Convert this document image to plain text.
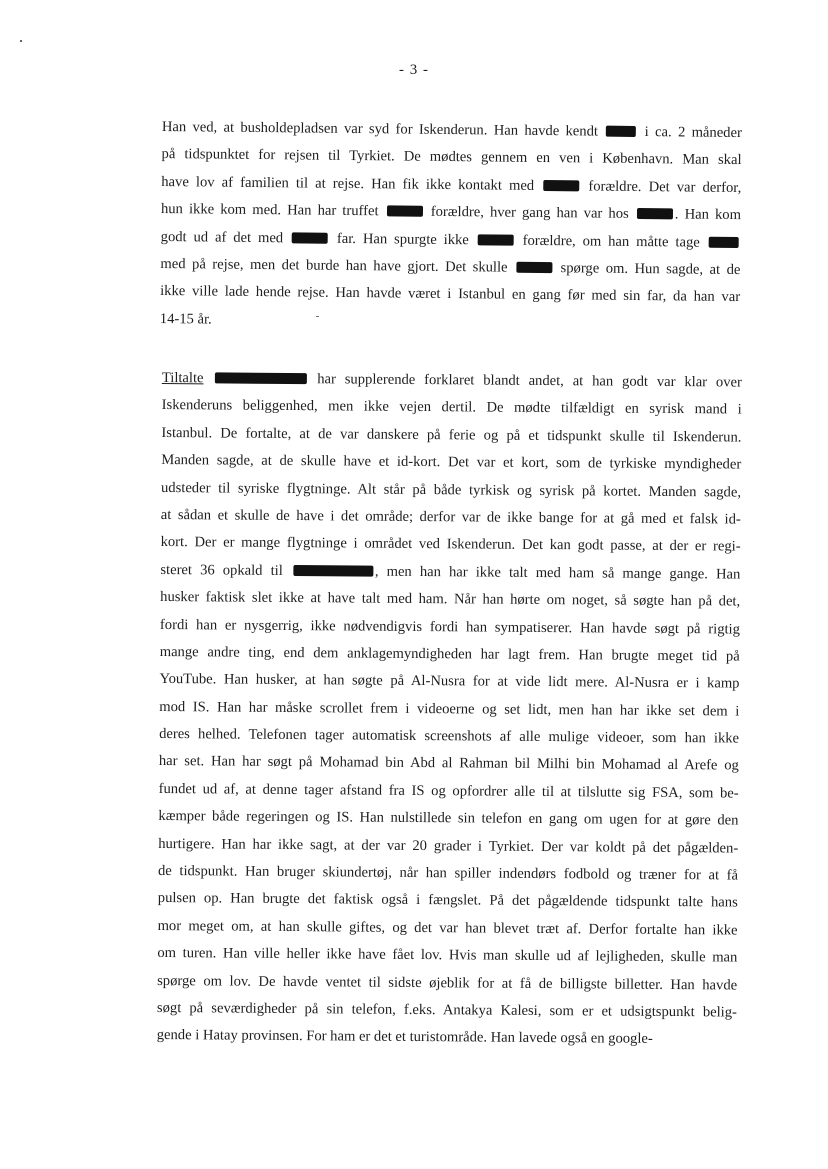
- 3 -
Han ved, at busholdepladsen var syd for Iskenderun. Han havde kendt	i ca. 2 måneder
på tidspunktet for rejsen til Tyrkiet. De mødtes gennem en ven i København. Man skal
have lov af familien til at rejse. Han fik ikke kontakt med	forældre. Det var derfor,
hun ikke kom med. Han har truffet	forældre, hver gang han var hos	. Han kom
godt ud af det med	far. Han spurgte ikke	forældre, om han måtte tage
med på rejse, men det burde han have gjort. Det skulle	spørge om. Hun sagde, at de
ikke ville lade hende rejse. Han havde været i Istanbul en gang før med sin far, da han var
14-15 år.
Tiltalte	har supplerende forklaret blandt andet, at han godt var klar over
Iskenderuns beliggenhed, men ikke vejen dertil. De mødte tilfældigt en syrisk mand i
Istanbul. De fortalte, at de var danskere på ferie og på et tidspunkt skulle til Iskenderun.
Manden sagde, at de skulle have et id-kort. Det var et kort, som de tyrkiske myndigheder
udsteder til syriske flygtninge. Alt står på både tyrkisk og syrisk på kortet. Manden sagde,
at sådan et skulle de have i det område; derfor var de ikke bange for at gå med et falsk id-
kort. Der er mange flygtninge i området ved Iskenderun. Det kan godt passe, at der er regi-
steret 36 opkald til	, men han har ikke talt med ham så mange gange. Han
husker faktisk slet ikke at have talt med ham. Når han hørte om noget, så søgte han på det,
fordi han er nysgerrig, ikke nødvendigvis fordi han sympatiserer. Han havde søgt på rigtig
mange andre ting, end dem anklagemyndigheden har lagt frem. Han brugte meget tid på
YouTube. Han husker, at han søgte på Al-Nusra for at vide lidt mere. Al-Nusra er i kamp
mod IS. Han har måske scrollet frem i videoerne og set lidt, men han har ikke set dem i
deres helhed. Telefonen tager automatisk screenshots af alle mulige videoer, som han ikke
har set. Han har søgt på Mohamad bin Abd al Rahman bil Milhi bin Mohamad al Arefe og
fundet ud af, at denne tager afstand fra IS og opfordrer alle til at tilslutte sig FSA, som be-
kæmper både regeringen og IS. Han nulstillede sin telefon en gang om ugen for at gøre den
hurtigere. Han har ikke sagt, at der var 20 grader i Tyrkiet. Der var koldt på det pågælden-
de tidspunkt. Han bruger skiundertøj, når han spiller indendørs fodbold og træner for at få
pulsen op. Han brugte det faktisk også i fængslet. På det pågældende tidspunkt talte hans
mor meget om, at han skulle giftes, og det var han blevet træt af. Derfor fortalte han ikke
om turen. Han ville heller ikke have fået lov. Hvis man skulle ud af lejligheden, skulle man
spørge om lov. De havde ventet til sidste øjeblik for at få de billigste billetter. Han havde
søgt på seværdigheder på sin telefon, f.eks. Antakya Kalesi, som er et udsigtspunkt belig-
gende i Hatay provinsen. For ham er det et turistområde. Han lavede også en google-
